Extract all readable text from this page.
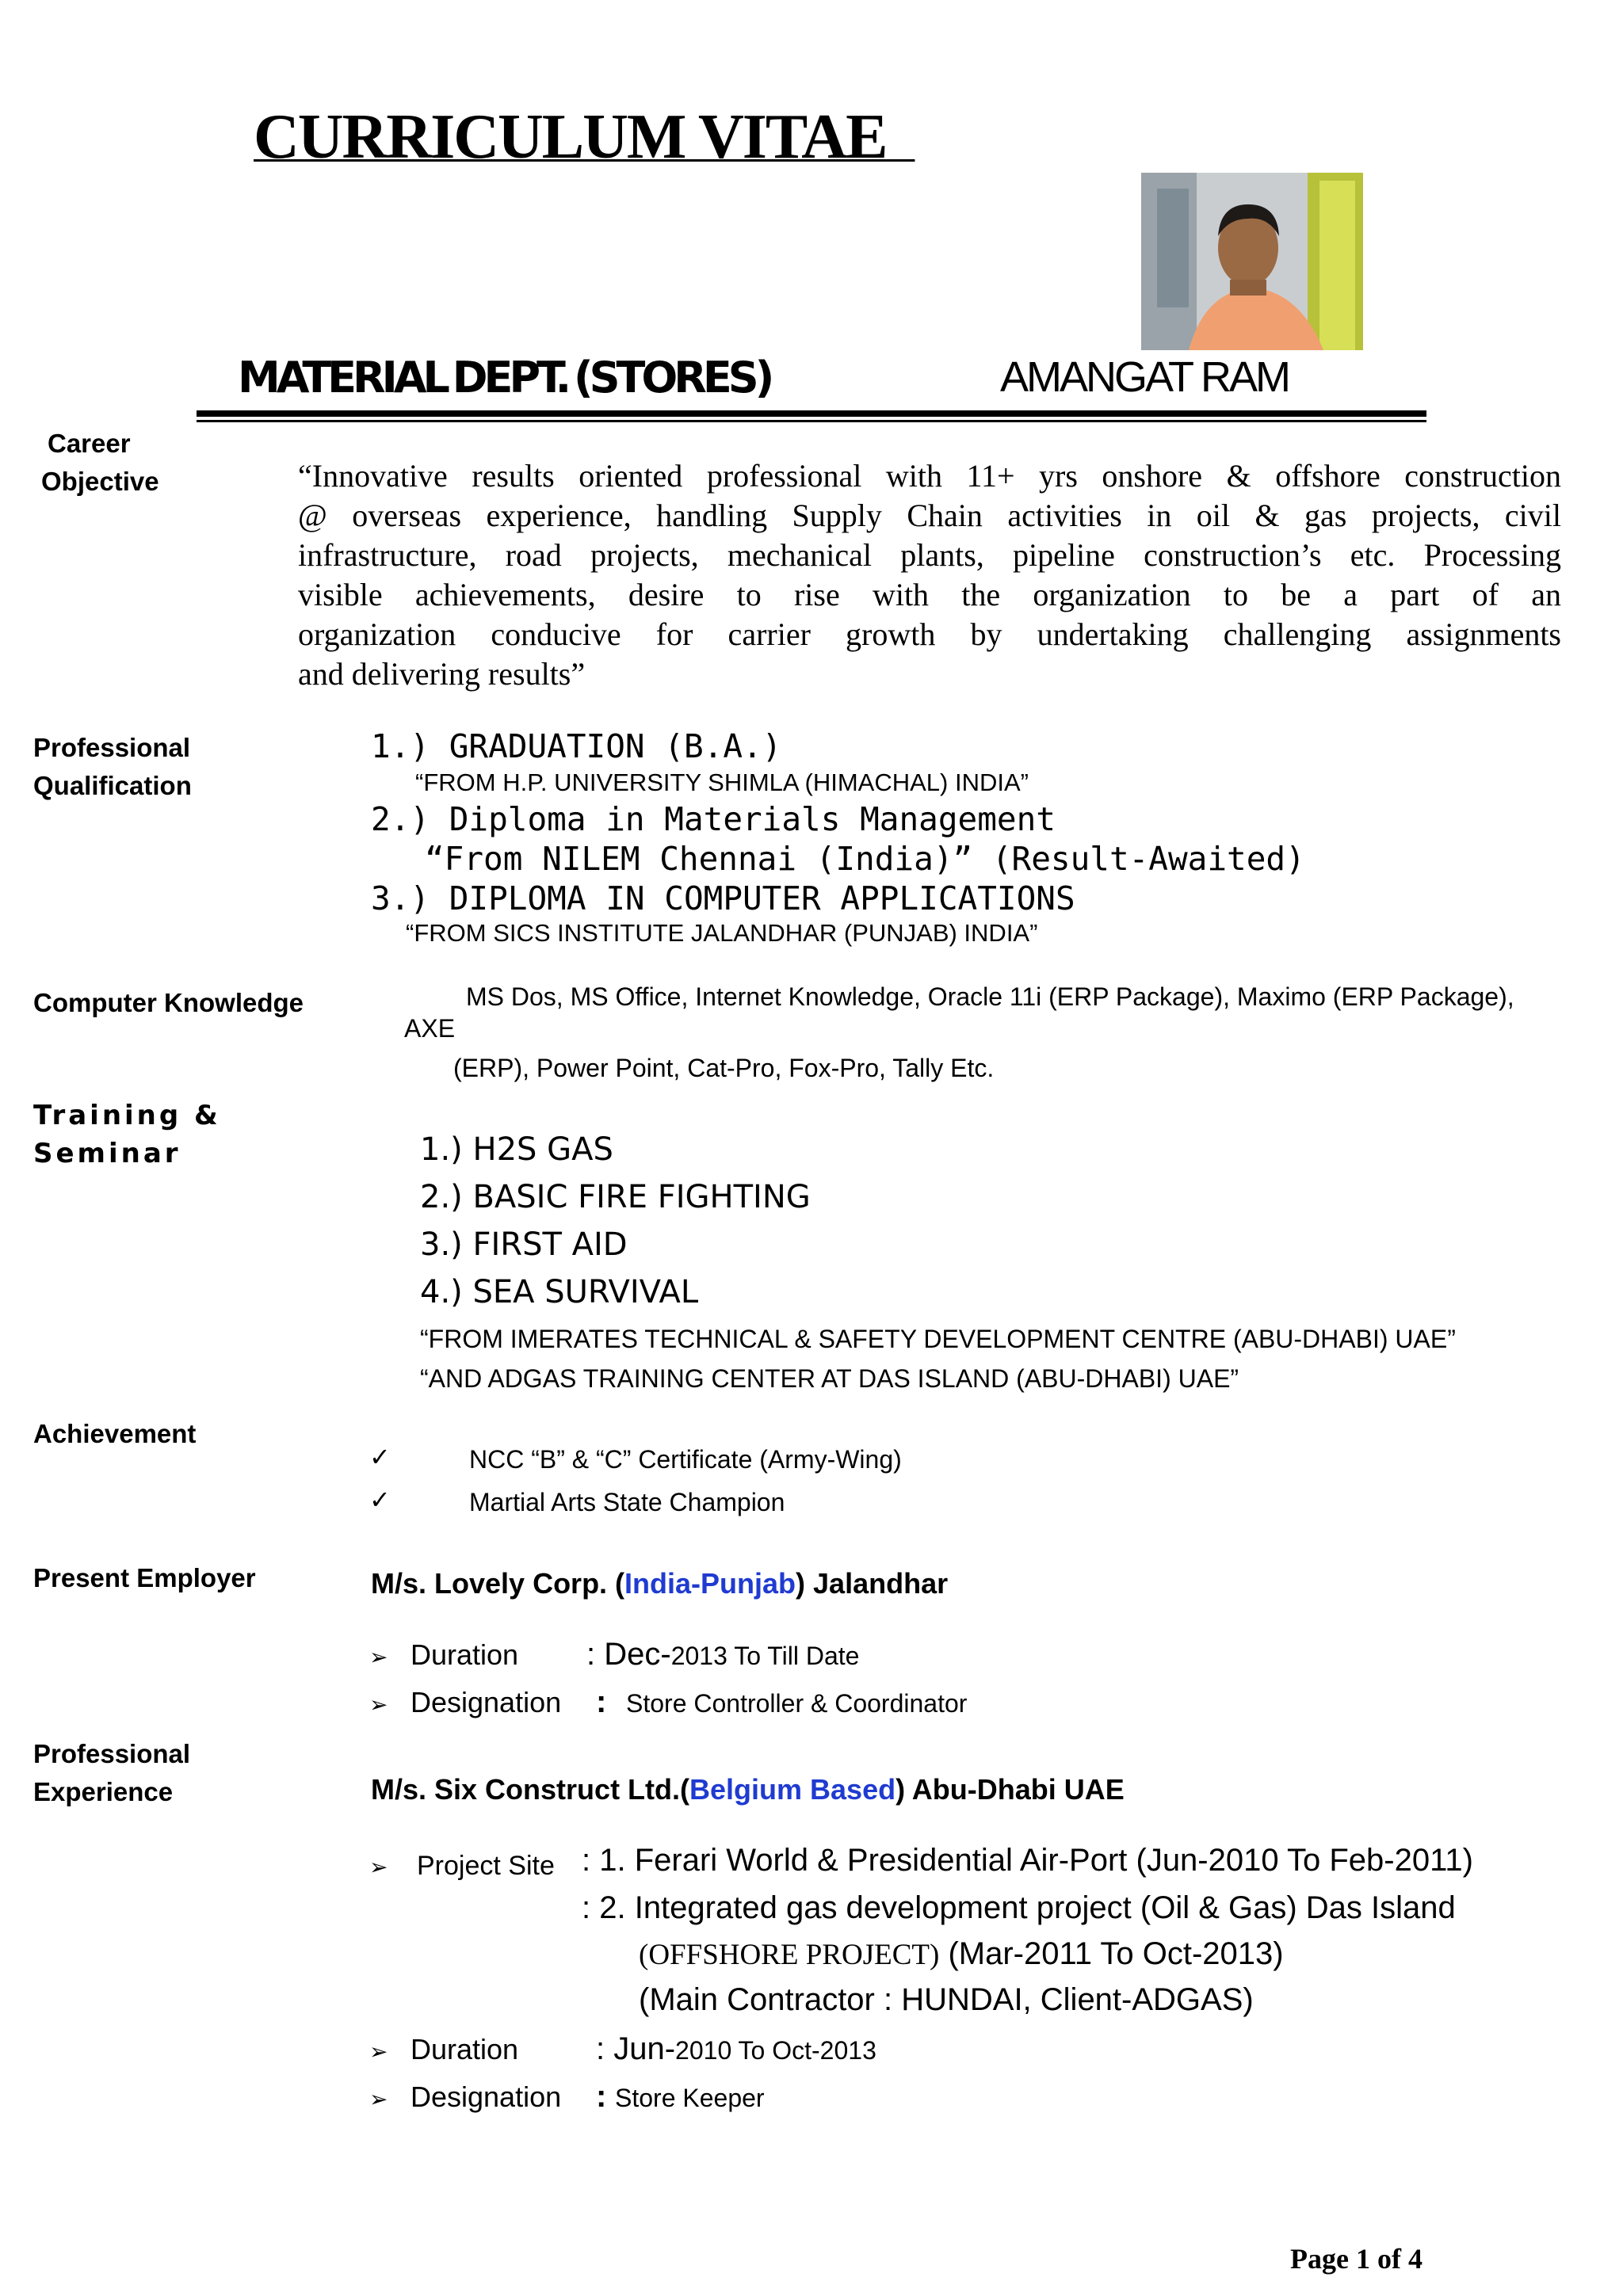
CURRICULUM VITAE
MATERIAL DEPT. (STORES)	AMANGAT RAM
Career
Objective	“Innovative results oriented professional with 11+ yrs onshore & offshore construction
@ overseas experience, handling Supply Chain activities in oil & gas projects, civil
infrastructure, road projects, mechanical plants, pipeline construction’s etc. Processing
visible achievements, desire to rise with the organization to be a part of an
organization conducive for carrier growth by undertaking challenging assignments
and delivering results”
Professional
Qualification
1.) GRADUATION (B.A.)
“FROM H.P. UNIVERSITY SHIMLA (HIMACHAL) INDIA”
2.) Diploma in Materials Management
“From NILEM Chennai (India)” (Result-Awaited)
3.) DIPLOMA IN COMPUTER APPLICATIONS
“FROM SICS INSTITUTE JALANDHAR (PUNJAB) INDIA”
Computer Knowledge	MS Dos, MS Office, Internet Knowledge, Oracle 11i (ERP Package), Maximo (ERP Package),
AXE
(ERP), Power Point, Cat-Pro, Fox-Pro, Tally Etc.
Training &
Seminar	1.) H2S GAS
2.) BASIC FIRE FIGHTING
3.) FIRST AID
4.) SEA SURVIVAL
“FROM IMERATES TECHNICAL & SAFETY DEVELOPMENT CENTRE (ABU-DHABI) UAE”
“AND ADGAS TRAINING CENTER AT DAS ISLAND (ABU-DHABI) UAE”
Achievement
✓	NCC “B” & “C” Certificate (Army-Wing)
✓	Martial Arts State Champion
Present Employer	M/s. Lovely Corp. (India-Punjab) Jalandhar
➢ Duration : Dec-2013 To Till Date
➢ Designation : Store Controller & Coordinator
Professional
Experience	M/s. Six Construct Ltd.(Belgium Based) Abu-Dhabi UAE
➢ Project Site : 1. Ferari World & Presidential Air-Port (Jun-2010 To Feb-2011)
: 2. Integrated gas development project (Oil & Gas) Das Island
(OFFSHORE PROJECT) (Mar-2011 To Oct-2013)
(Main Contractor : HUNDAI, Client-ADGAS)
➢ Duration : Jun-2010 To Oct-2013
➢ Designation : Store Keeper
Page 1 of 4
